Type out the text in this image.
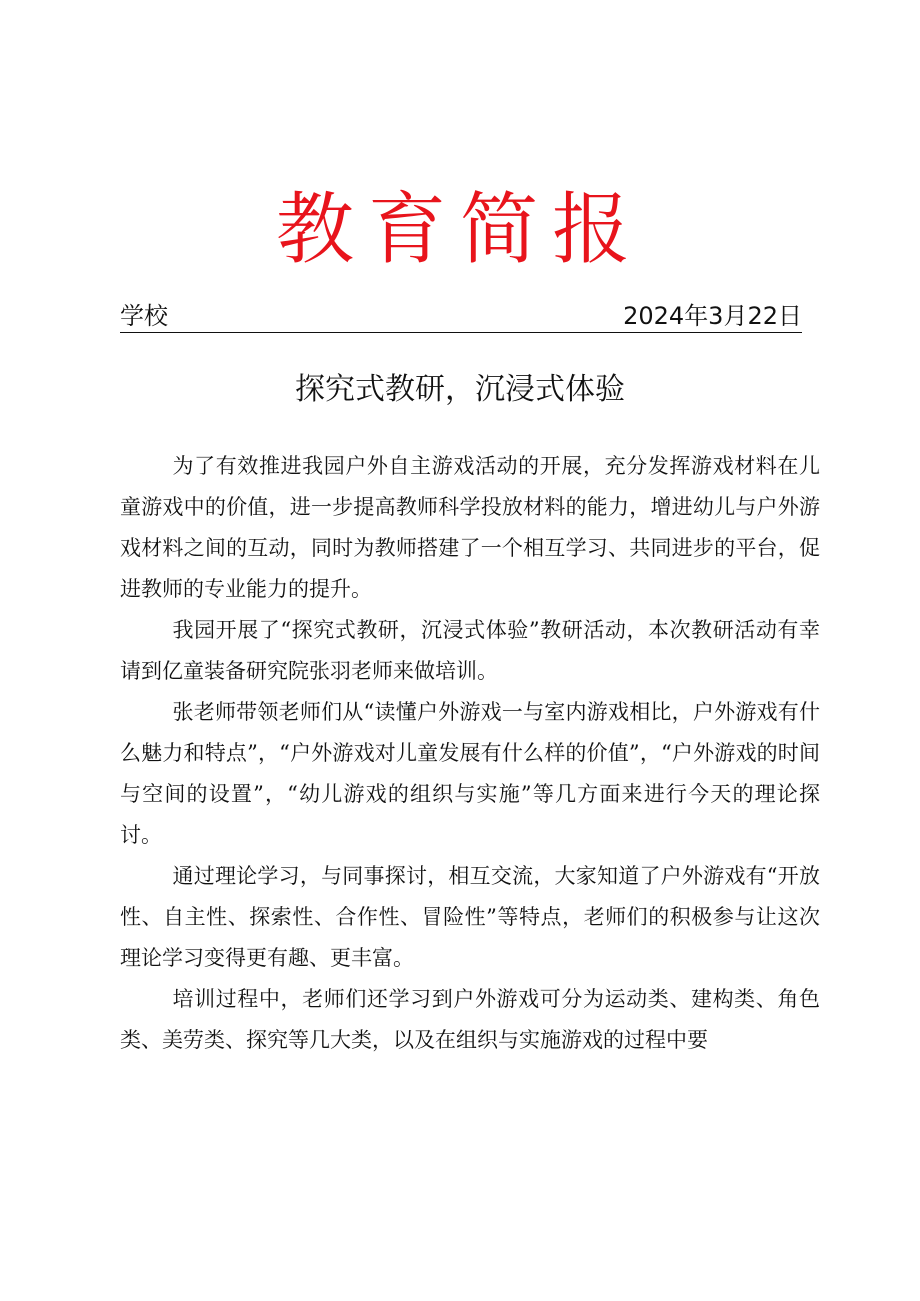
教育简报
学校	2024年3月22日
探究式教研，沉浸式体验

为了有效推进我园户外自主游戏活动的开展，充分发挥游戏材料在儿童游戏中的价值，进一步提高教师科学投放材料的能力，增进幼儿与户外游戏材料之间的互动，同时为教师搭建了一个相互学习、共同进步的平台，促进教师的专业能力的提升。

我园开展了“探究式教研，沉浸式体验”教研活动，本次教研活动有幸请到亿童装备研究院张羽老师来做培训。

张老师带领老师们从“读懂户外游戏一与室内游戏相比，户外游戏有什么魅力和特点”，“户外游戏对儿童发展有什么样的价值”，“户外游戏的时间与空间的设置”，“幼儿游戏的组织与实施”等几方面来进行今天的理论探讨。

通过理论学习，与同事探讨，相互交流，大家知道了户外游戏有“开放性、自主性、探索性、合作性、冒险性”等特点，老师们的积极参与让这次理论学习变得更有趣、更丰富。

培训过程中，老师们还学习到户外游戏可分为运动类、建构类、角色类、美劳类、探究等几大类，以及在组织与实施游戏的过程中要
